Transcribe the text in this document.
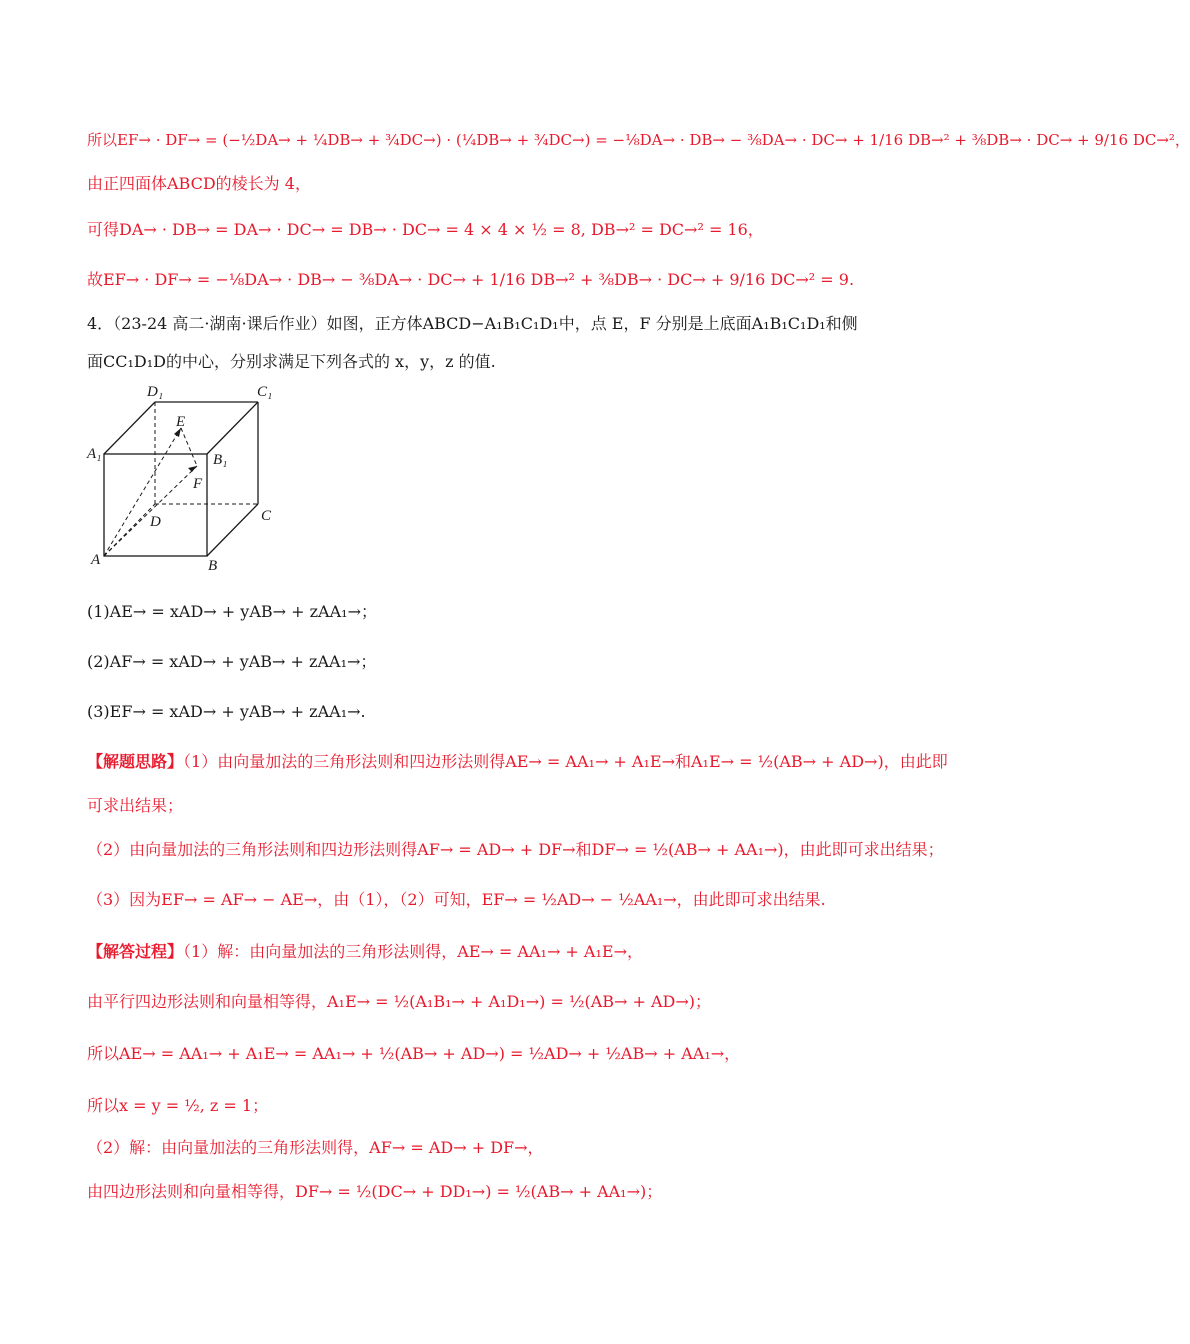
所以EF→ · DF→ = (−½DA→ + ¼DB→ + ¾DC→) · (¼DB→ + ¾DC→) = −⅛DA→ · DB→ − ⅜DA→ · DC→ + 1/16 DB→² + ⅜DB→ · DC→ + 9/16 DC→²，
由正四面体ABCD的棱长为 4，
可得DA→ · DB→ = DA→ · DC→ = DB→ · DC→ = 4 × 4 × ½ = 8, DB→² = DC→² = 16，
故EF→ · DF→ = −⅛DA→ · DB→ − ⅜DA→ · DC→ + 1/16 DB→² + ⅜DB→ · DC→ + 9/16 DC→² = 9.
4．（23-24 高二·湖南·课后作业）如图，正方体ABCD−A₁B₁C₁D₁中，点 E，F 分别是上底面A₁B₁C₁D₁和侧
面CC₁D₁D的中心，分别求满足下列各式的 x，y，z 的值.
D₁	C₁
A₁	B₁
E
F
D	C
A	B
(1)AE→ = xAD→ + yAB→ + zAA₁→；
(2)AF→ = xAD→ + yAB→ + zAA₁→；
(3)EF→ = xAD→ + yAB→ + zAA₁→.
【解题思路】（1）由向量加法的三角形法则和四边形法则得AE→ = AA₁→ + A₁E→和A₁E→ = ½(AB→ + AD→)，由此即
可求出结果；
（2）由向量加法的三角形法则和四边形法则得AF→ = AD→ + DF→和DF→ = ½(AB→ + AA₁→)，由此即可求出结果；
（3）因为EF→ = AF→ − AE→，由（1），（2）可知，EF→ = ½AD→ − ½AA₁→，由此即可求出结果.
【解答过程】（1）解：由向量加法的三角形法则得，AE→ = AA₁→ + A₁E→，
由平行四边形法则和向量相等得，A₁E→ = ½(A₁B₁→ + A₁D₁→) = ½(AB→ + AD→)；
所以AE→ = AA₁→ + A₁E→ = AA₁→ + ½(AB→ + AD→) = ½AD→ + ½AB→ + AA₁→，
所以x = y = ½, z = 1；
（2）解：由向量加法的三角形法则得，AF→ = AD→ + DF→，
由四边形法则和向量相等得，DF→ = ½(DC→ + DD₁→) = ½(AB→ + AA₁→)；
